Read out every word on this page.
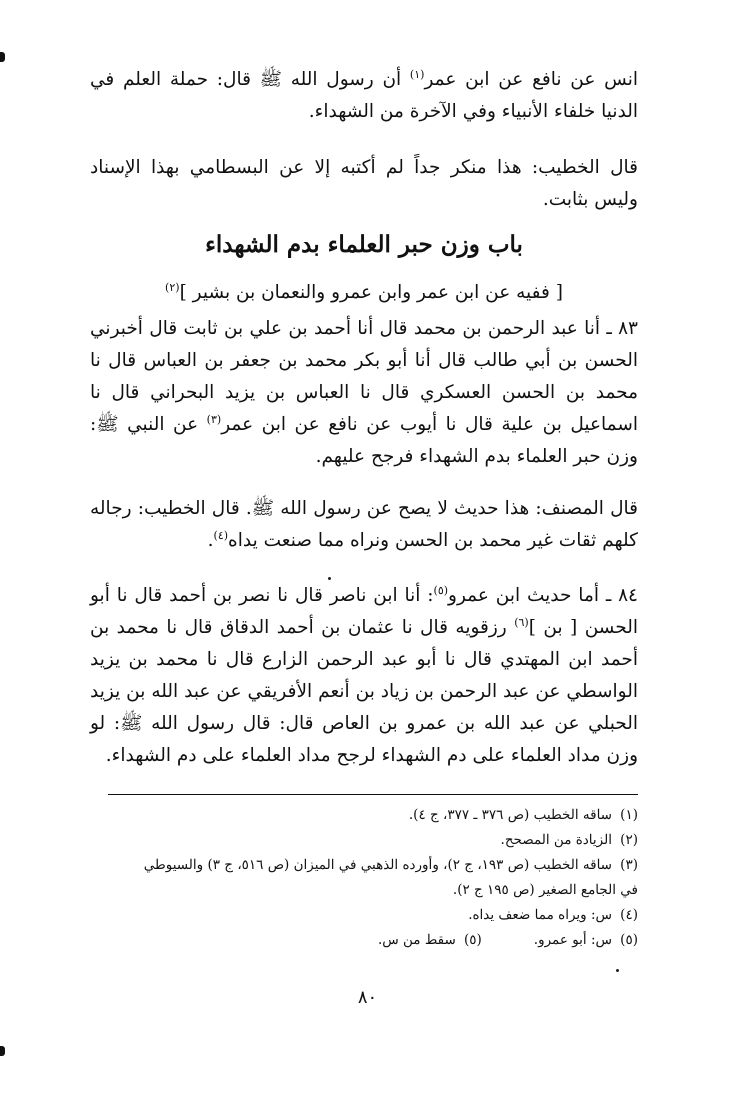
انس عن نافع عن ابن عمر$^{(١)}$ أن رسول الله ﷺ قال: حملة العلم في الدنيا خلفاء الأنبياء وفي الآخرة من الشهداء.

قال الخطيب: هذا منكر جداً لم أكتبه إلا عن البسطامي بهذا الإسناد وليس بثابت.

باب وزن حبر العلماء بدم الشهداء

[ ففيه عن ابن عمر وابن عمرو والنعمان بن بشير ]$^{(٢)}$

٨٣ ـ أنا عبد الرحمن بن محمد قال أنا أحمد بن علي بن ثابت قال أخبرني الحسن بن أبي طالب قال أنا أبو بكر محمد بن جعفر بن العباس قال نا محمد بن الحسن العسكري قال نا العباس بن يزيد البحراني قال نا اسماعيل بن علية قال نا أيوب عن نافع عن ابن عمر$^{(٣)}$ عن النبي ﷺ: وزن حبر العلماء بدم الشهداء فرجح عليهم.

قال المصنف: هذا حديث لا يصح عن رسول الله ﷺ. قال الخطيب: رجاله كلهم ثقات غير محمد بن الحسن ونراه مما صنعت يداه$^{(٤)}$.

٨٤ ـ أما حديث ابن عمرو$^{(٥)}$: أنا ابن ناصر قال نا نصر بن أحمد قال نا أبو الحسن [ بن ]$^{(٦)}$ رزقويه قال نا عثمان بن أحمد الدقاق قال نا محمد بن أحمد ابن المهتدي قال نا أبو عبد الرحمن الزارع قال نا محمد بن يزيد الواسطي عن عبد الرحمن بن زياد بن أنعم الأفريقي عن عبد الله بن يزيد الحبلي عن عبد الله بن عمرو بن العاص قال: قال رسول الله ﷺ: لو وزن مداد العلماء على دم الشهداء لرجح مداد العلماء على دم الشهداء.

(١)ساقه الخطيب (ص ٣٧٦ ـ ٣٧٧، ج ٤).
(٢)الزيادة من المصحح.
(٣)ساقه الخطيب (ص ١٩٣، ج ٢)، وأورده الذهبي في الميزان (ص ٥١٦، ج ٣) والسيوطي
في الجامع الصغير (ص ١٩٥ ج ٢).
(٤)س: ويراه مما ضعف يداه.
(٥)س: أبو عمرو.(٥)سقط من س.
٨٠
